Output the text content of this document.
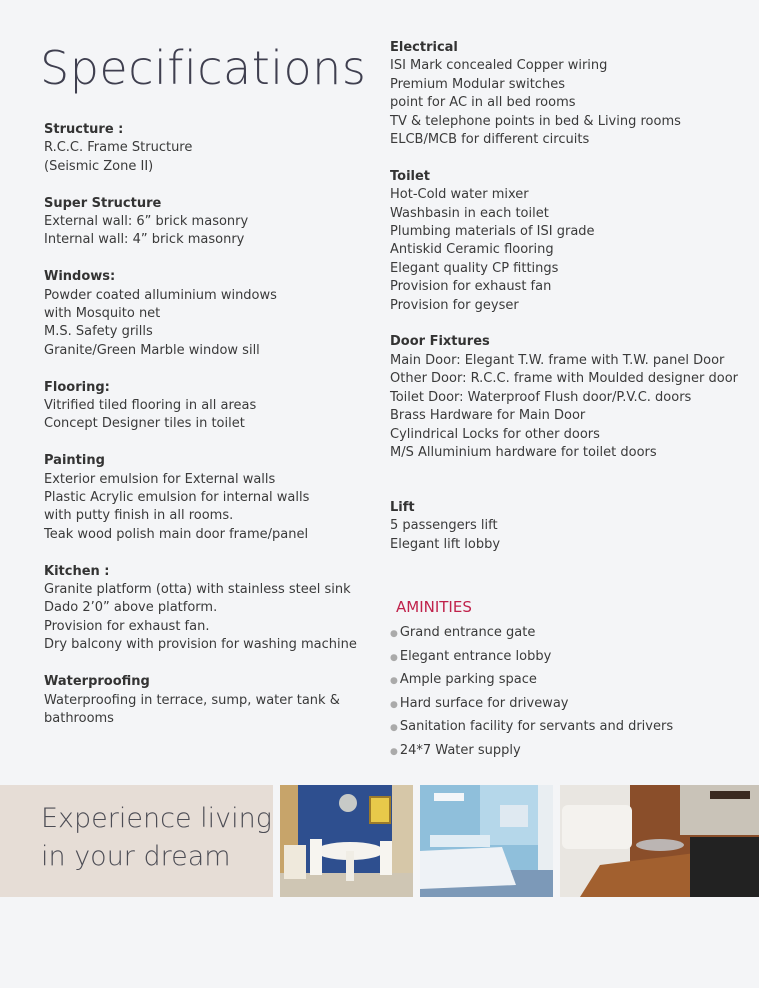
Specifications
Structure :
R.C.C. Frame Structure
(Seismic Zone II)
Super Structure
External wall: 6” brick masonry
Internal wall: 4” brick masonry
Windows:
Powder coated alluminium windows
with Mosquito net
M.S. Safety grills
Granite/Green Marble window sill
Flooring:
Vitrified tiled flooring in all areas
Concept Designer tiles in toilet
Painting
Exterior emulsion for External walls
Plastic Acrylic emulsion for internal walls
with putty finish in all rooms.
Teak wood polish main door frame/panel
Kitchen :
Granite platform (otta) with stainless steel sink
Dado 2’0” above platform.
Provision for exhaust fan.
Dry balcony with provision for washing machine
Waterproofing
Waterproofing in terrace, sump, water tank &
bathrooms
Electrical
ISI Mark concealed Copper wiring
Premium Modular switches
point for AC in all bed rooms
TV & telephone points in bed & Living rooms
ELCB/MCB for different circuits
Toilet
Hot-Cold water mixer
Washbasin in each toilet
Plumbing materials of ISI grade
Antiskid Ceramic flooring
Elegant quality CP fittings
Provision for exhaust fan
Provision for geyser
Door Fixtures
Main Door: Elegant T.W. frame with T.W. panel Door
Other Door: R.C.C. frame with Moulded designer door
Toilet Door: Waterproof Flush door/P.V.C. doors
Brass Hardware for Main Door
Cylindrical Locks for other doors
M/S Alluminium hardware for toilet doors
Lift
5 passengers lift
Elegant lift lobby
AMINITIES
● Grand entrance gate
● Elegant entrance lobby
● Ample parking space
● Hard surface for driveway
● Sanitation facility for servants and drivers
● 24*7 Water supply
Experience living
in your dream
